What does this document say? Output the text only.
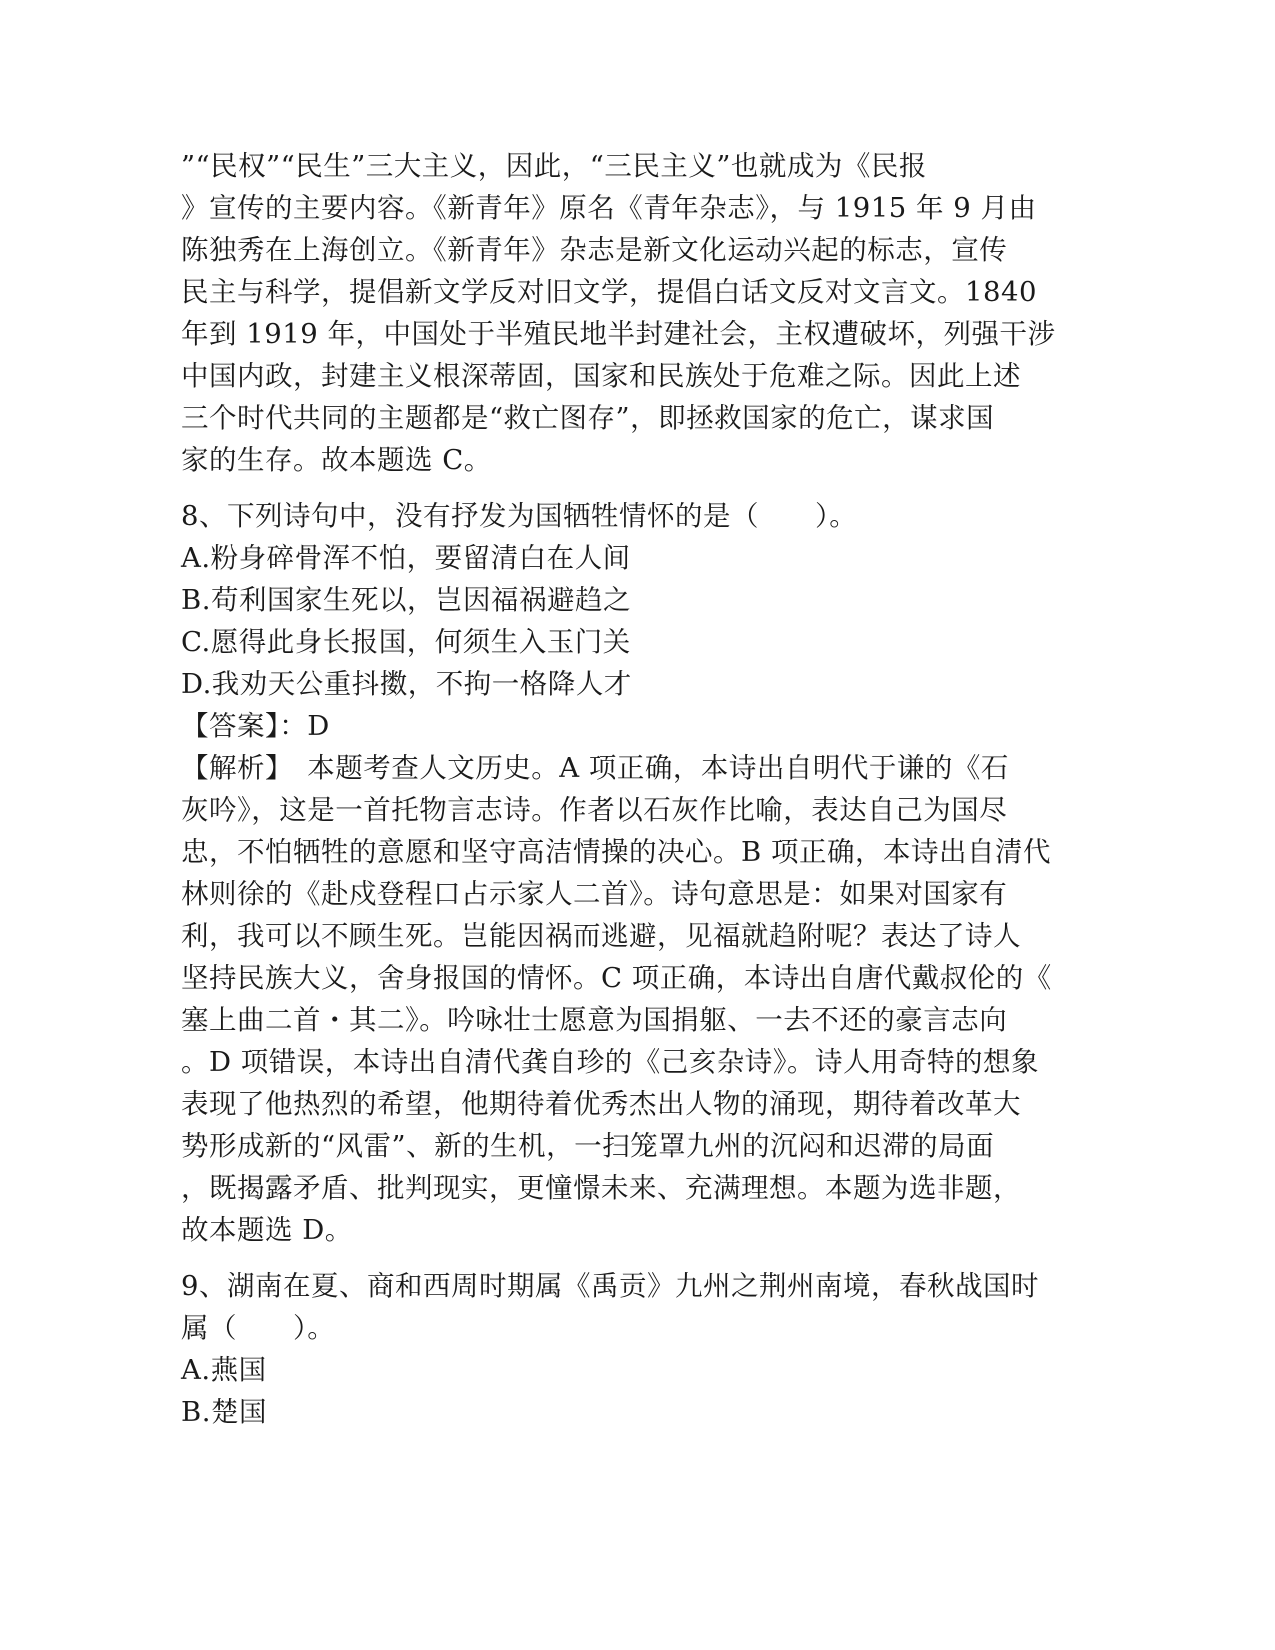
”“民权”“民生”三大主义，因此，“三民主义”也就成为《民报
》宣传的主要内容。《新青年》原名《青年杂志》，与 1915 年 9 月由
陈独秀在上海创立。《新青年》杂志是新文化运动兴起的标志，宣传
民主与科学，提倡新文学反对旧文学，提倡白话文反对文言文。1840
年到 1919 年，中国处于半殖民地半封建社会，主权遭破坏，列强干涉
中国内政，封建主义根深蒂固，国家和民族处于危难之际。因此上述
三个时代共同的主题都是“救亡图存”，即拯救国家的危亡，谋求国
家的生存。故本题选 C。
8、下列诗句中，没有抒发为国牺牲情怀的是（　　）。
A.粉身碎骨浑不怕，要留清白在人间
B.苟利国家生死以，岂因福祸避趋之
C.愿得此身长报国，何须生入玉门关
D.我劝天公重抖擞，不拘一格降人才
【答案】：D
【解析】　本题考查人文历史。A 项正确，本诗出自明代于谦的《石
灰吟》，这是一首托物言志诗。作者以石灰作比喻，表达自己为国尽
忠，不怕牺牲的意愿和坚守高洁情操的决心。B 项正确，本诗出自清代
林则徐的《赴戍登程口占示家人二首》。诗句意思是：如果对国家有
利，我可以不顾生死。岂能因祸而逃避，见福就趋附呢？表达了诗人
坚持民族大义，舍身报国的情怀。C 项正确，本诗出自唐代戴叔伦的《
塞上曲二首・其二》。吟咏壮士愿意为国捐躯、一去不还的豪言志向
。D 项错误，本诗出自清代龚自珍的《己亥杂诗》。诗人用奇特的想象
表现了他热烈的希望，他期待着优秀杰出人物的涌现，期待着改革大
势形成新的“风雷”、新的生机，一扫笼罩九州的沉闷和迟滞的局面
，既揭露矛盾、批判现实，更憧憬未来、充满理想。本题为选非题，
故本题选 D。
9、湖南在夏、商和西周时期属《禹贡》九州之荆州南境，春秋战国时
属（　　）。
A.燕国
B.楚国
